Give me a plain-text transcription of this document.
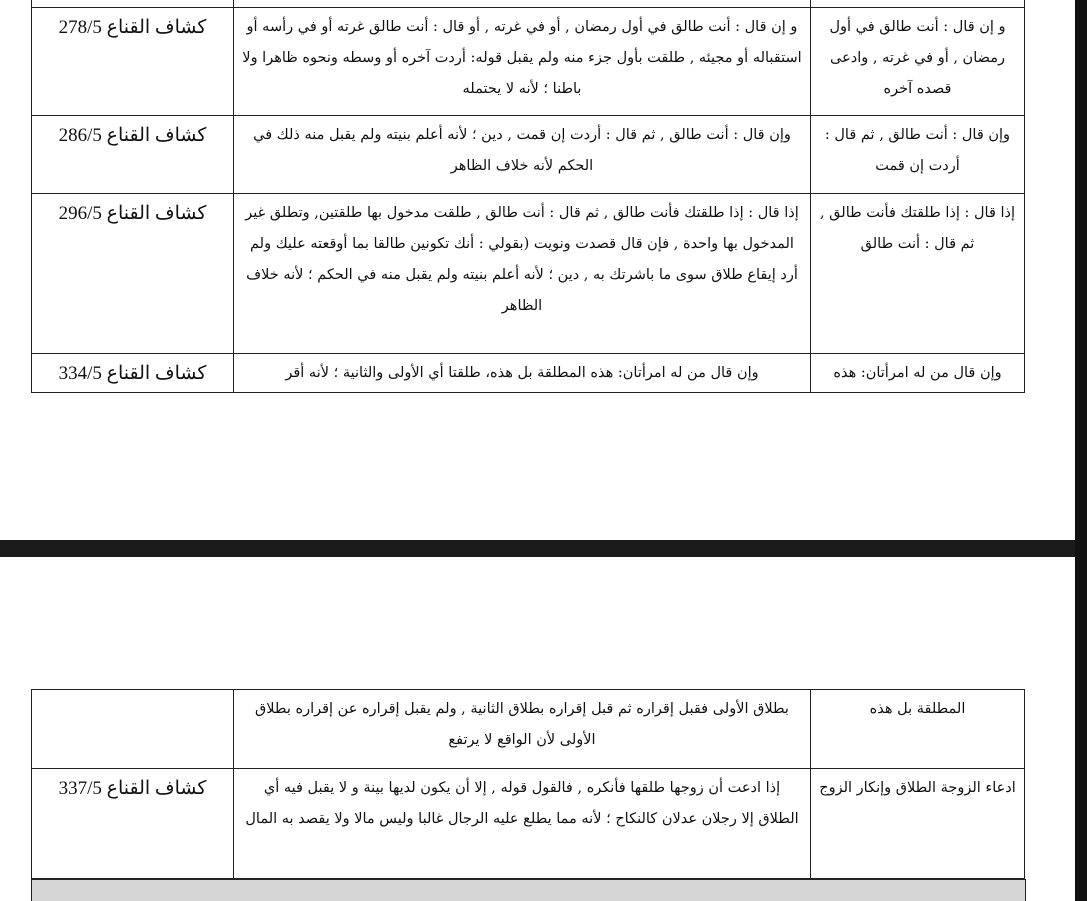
و إن قال : أنت طالق في أول رمضان , أو في غرته , وادعى قصده آخره	و إن قال : أنت طالق في أول رمضان , أو في غرته , أو قال : أنت طالق غرته أو في رأسه أو استقباله أو مجيئه , طلقت بأول جزء منه ولم يقبل قوله: أردت آخره أو وسطه ونحوه ظاهرا ولا باطنا ؛ لأنه لا يحتمله	كشاف القناع 278/5
وإن قال : أنت طالق , ثم قال : أردت إن قمت	وإن قال : أنت طالق , ثم قال : أردت إن قمت , دين ؛ لأنه أعلم بنيته ولم يقبل منه ذلك في الحكم لأنه خلاف الظاهر	كشاف القناع 286/5
إذا قال : إذا طلقتك فأنت طالق , ثم قال : أنت طالق	إذا قال : إذا طلقتك فأنت طالق , ثم قال : أنت طالق , طلقت مدخول بها طلقتين, وتطلق غير المدخول بها واحدة , فإن قال قصدت ونويت (بقولي : أنك تكونين طالقا بما أوقعته عليك ولم أرد إيقاع طلاق سوى ما باشرتك به , دين ؛ لأنه أعلم بنيته ولم يقبل منه في الحكم ؛ لأنه خلاف الظاهر	كشاف القناع 296/5
وإن قال من له امرأتان: هذه	وإن قال من له امرأتان: هذه المطلقة بل هذه، طلقتا أي الأولى والثانية ؛ لأنه أقر	كشاف القناع 334/5
المطلقة بل هذه	بطلاق الأولى فقبل إقراره ثم قبل إقراره بطلاق الثانية , ولم يقبل إقراره عن إقراره بطلاق الأولى لأن الواقع لا يرتفع	
ادعاء الزوجة الطلاق وإنكار الزوج	إذا ادعت أن زوجها طلقها فأنكره , فالقول قوله , إلا أن يكون لديها بينة و لا يقبل فيه أي الطلاق إلا رجلان عدلان كالنكاح ؛ لأنه مما يطلع عليه الرجال غالبا وليس مالا ولا يقصد به المال	كشاف القناع 337/5
